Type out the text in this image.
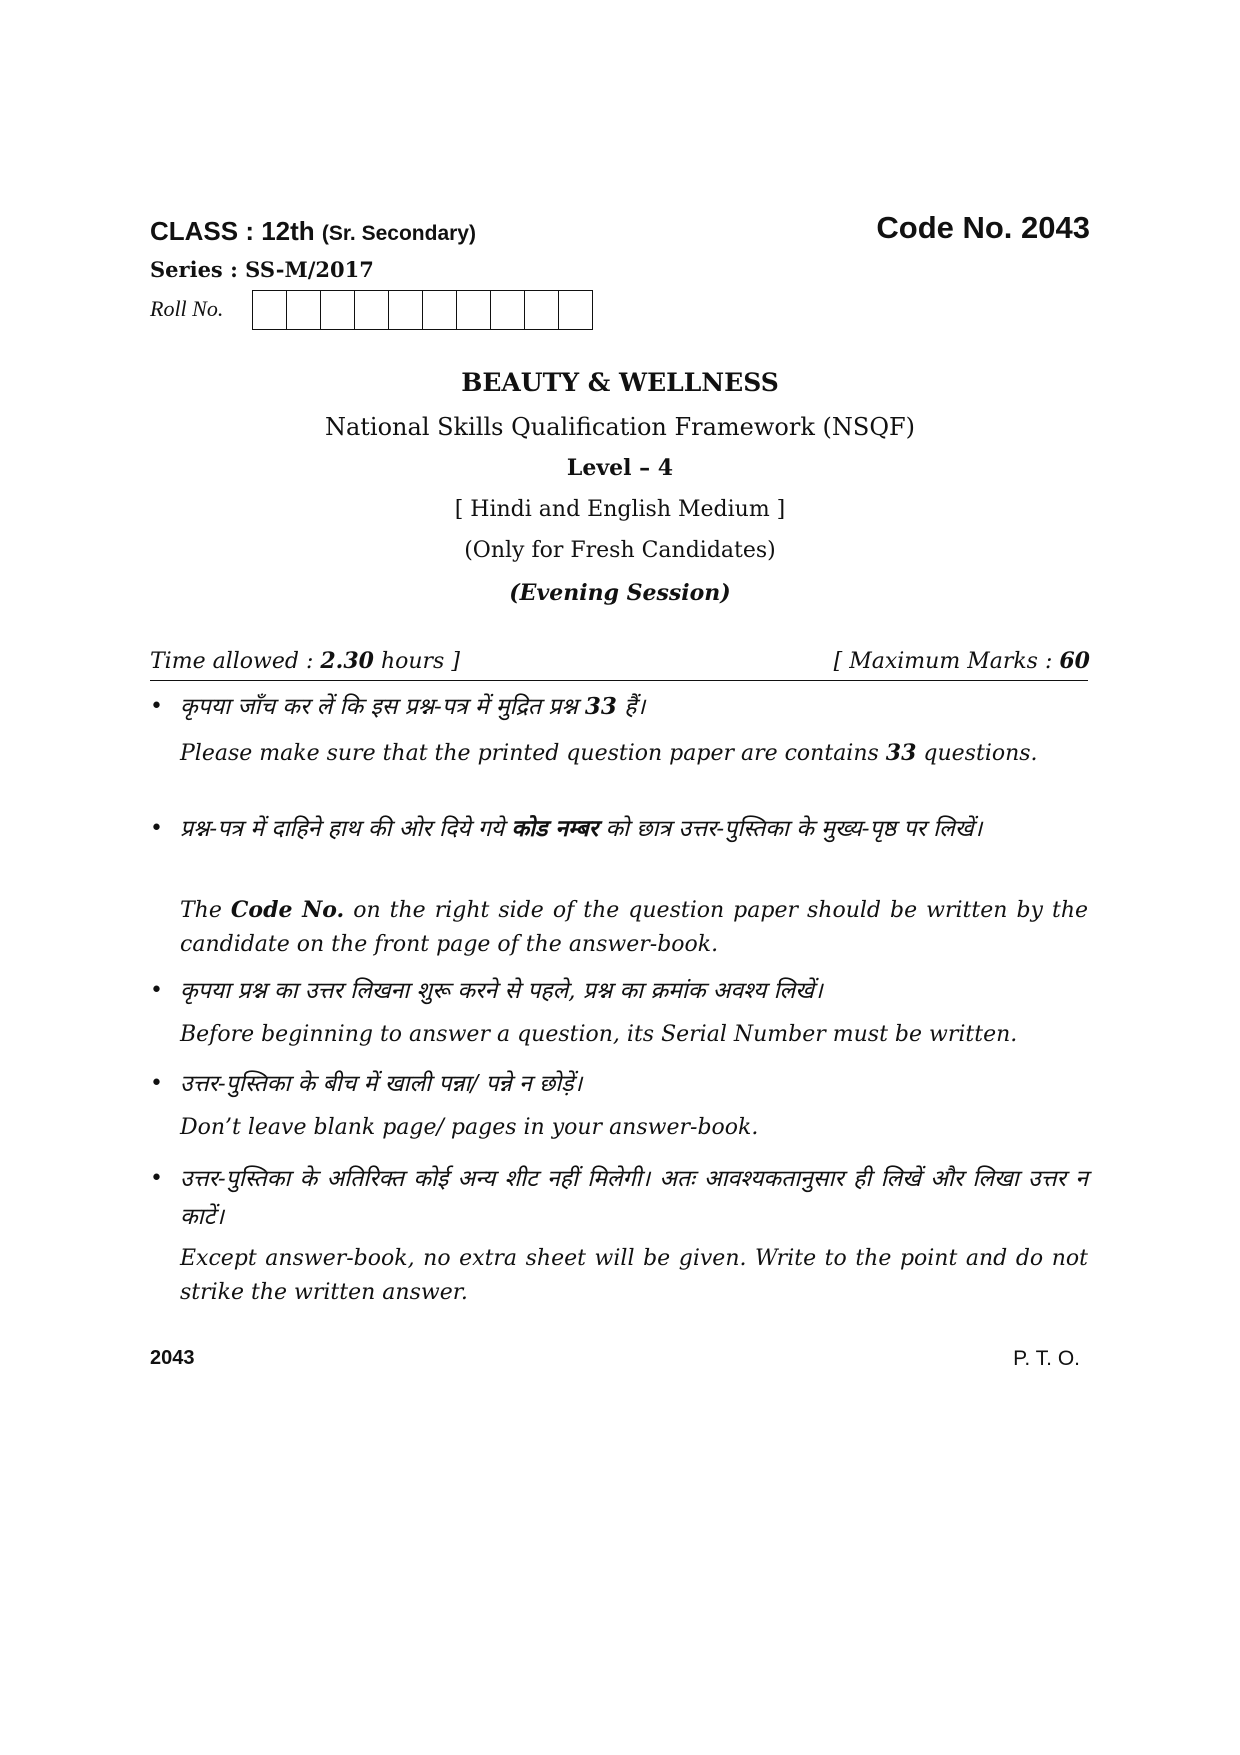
CLASS : 12th (Sr. Secondary)	Code No. 2043
Series : SS-M/2017
Roll No.
BEAUTY & WELLNESS
National Skills Qualification Framework (NSQF)
Level – 4
[ Hindi and English Medium ]
(Only for Fresh Candidates)
(Evening Session)
Time allowed : 2.30 hours ]	[ Maximum Marks : 60
• कृपया जाँच कर लें कि इस प्रश्न-पत्र में मुद्रित प्रश्न 33 हैं।
Please make sure that the printed question paper are contains 33 questions.
• प्रश्न-पत्र में दाहिने हाथ की ओर दिये गये कोड नम्बर को छात्र उत्तर-पुस्तिका के मुख्य-पृष्ठ पर लिखें।
The Code No. on the right side of the question paper should be written by the candidate on the front page of the answer-book.
• कृपया प्रश्न का उत्तर लिखना शुरू करने से पहले, प्रश्न का क्रमांक अवश्य लिखें।
Before beginning to answer a question, its Serial Number must be written.
• उत्तर-पुस्तिका के बीच में खाली पन्ना/ पन्ने न छोड़ें।
Don’t leave blank page/ pages in your answer-book.
• उत्तर-पुस्तिका के अतिरिक्त कोई अन्य शीट नहीं मिलेगी। अतः आवश्यकतानुसार ही लिखें और लिखा उत्तर न काटें।
Except answer-book, no extra sheet will be given. Write to the point and do not strike the written answer.
2043	P. T. O.
